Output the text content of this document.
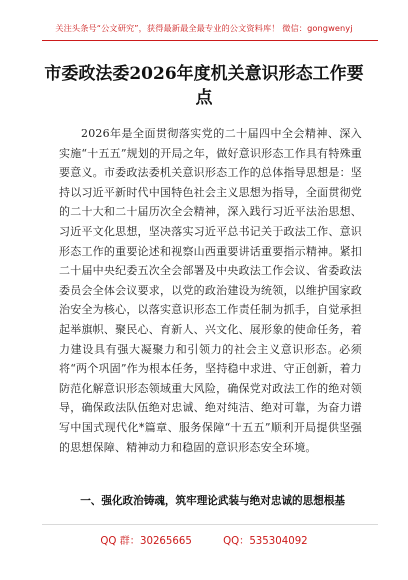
关注头条号“公文研究”，获得最新最全最专业的公文资料库！ 微信：gongwenyj
市委政法委2026年度机关意识形态工作要点
2026年是全面贯彻落实党的二十届四中全会精神、深入实施“十五五”规划的开局之年，做好意识形态工作具有特殊重要意义。市委政法委机关意识形态工作的总体指导思想是：坚持以习近平新时代中国特色社会主义思想为指导，全面贯彻党的二十大和二十届历次全会精神，深入践行习近平法治思想、习近平文化思想，坚决落实习近平总书记关于政法工作、意识形态工作的重要论述和视察山西重要讲话重要指示精神。紧扣二十届中央纪委五次全会部署及中央政法工作会议、省委政法委员会全体会议要求，以党的政治建设为统领，以维护国家政治安全为核心，以落实意识形态工作责任制为抓手，自觉承担起举旗帜、聚民心、育新人、兴文化、展形象的使命任务，着力建设具有强大凝聚力和引领力的社会主义意识形态。必须将“两个巩固”作为根本任务，坚持稳中求进、守正创新，着力防范化解意识形态领域重大风险，确保党对政法工作的绝对领导，确保政法队伍绝对忠诚、绝对纯洁、绝对可靠，为奋力谱写中国式现代化*篇章、服务保障“十五五”顺利开局提供坚强的思想保障、精神动力和稳固的意识形态安全环境。
一、强化政治铸魂，筑牢理论武装与绝对忠诚的思想根基
QQ 群：30265665	QQ：535304092
